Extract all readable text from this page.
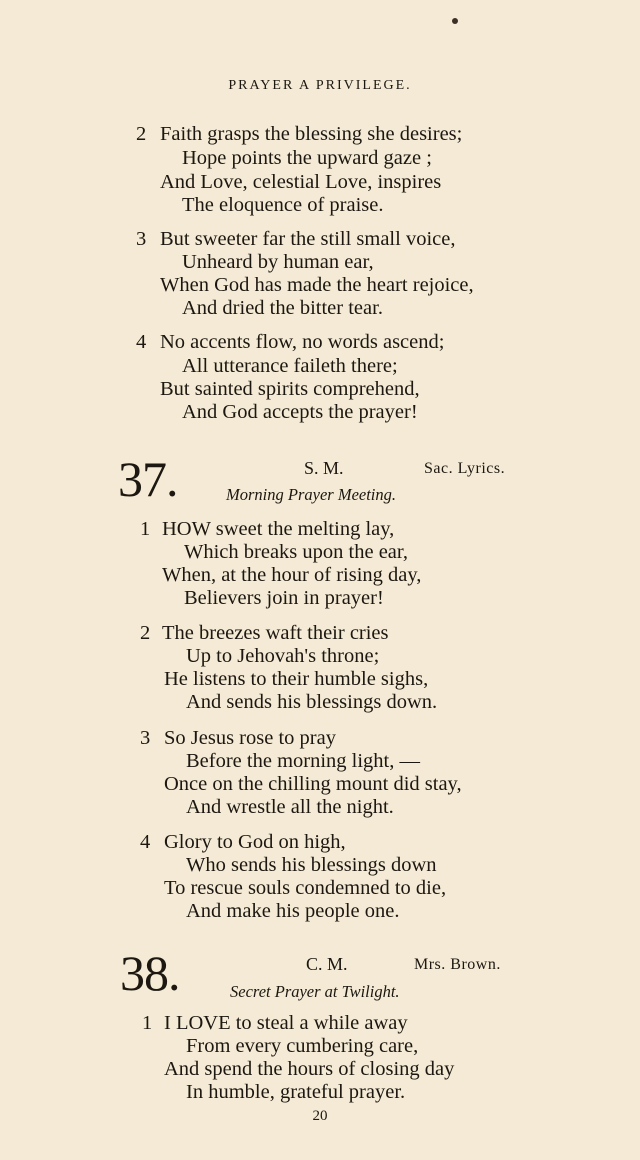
PRAYER A PRIVILEGE.
2 Faith grasps the blessing she desires;
Hope points the upward gaze ;
And Love, celestial Love, inspires
The eloquence of praise.
3 But sweeter far the still small voice,
Unheard by human ear,
When God has made the heart rejoice,
And dried the bitter tear.
4 No accents flow, no words ascend;
All utterance faileth there;
But sainted spirits comprehend,
And God accepts the prayer!
37.	S. M.	Sac. Lyrics.
Morning Prayer Meeting.
1 HOW sweet the melting lay,
Which breaks upon the ear,
When, at the hour of rising day,
Believers join in prayer!
2 The breezes waft their cries
Up to Jehovah's throne;
He listens to their humble sighs,
And sends his blessings down.
3 So Jesus rose to pray
Before the morning light, —
Once on the chilling mount did stay,
And wrestle all the night.
4 Glory to God on high,
Who sends his blessings down
To rescue souls condemned to die,
And make his people one.
38.	C. M.	Mrs. Brown.
Secret Prayer at Twilight.
1 I LOVE to steal a while away
From every cumbering care,
And spend the hours of closing day
In humble, grateful prayer.
20
